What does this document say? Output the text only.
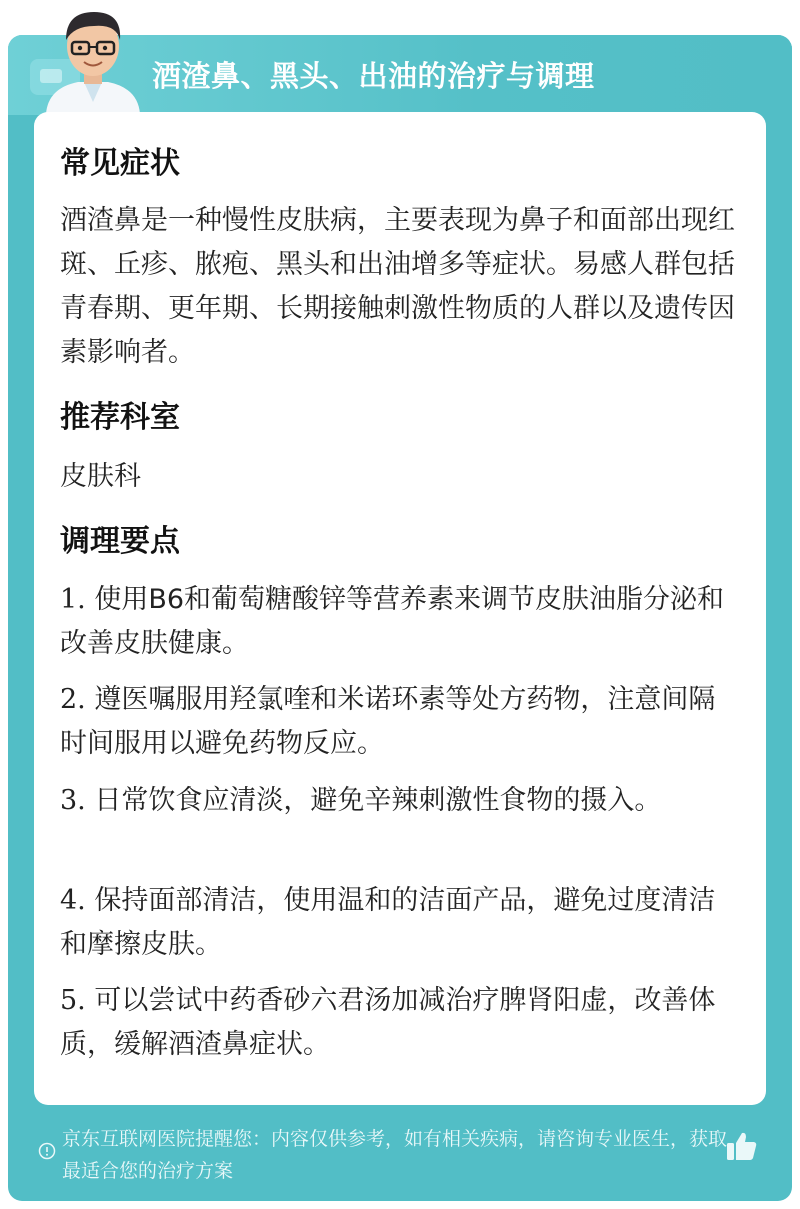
酒渣鼻、黑头、出油的治疗与调理
常见症状
酒渣鼻是一种慢性皮肤病，主要表现为鼻子和面部出现红斑、丘疹、脓疱、黑头和出油增多等症状。易感人群包括青春期、更年期、长期接触刺激性物质的人群以及遗传因素影响者。
推荐科室
皮肤科
调理要点
1. 使用B6和葡萄糖酸锌等营养素来调节皮肤油脂分泌和改善皮肤健康。
2. 遵医嘱服用羟氯喹和米诺环素等处方药物，注意间隔时间服用以避免药物反应。
3. 日常饮食应清淡，避免辛辣刺激性食物的摄入。
4. 保持面部清洁，使用温和的洁面产品，避免过度清洁和摩擦皮肤。
5. 可以尝试中药香砂六君汤加减治疗脾肾阳虚，改善体质，缓解酒渣鼻症状。
京东互联网医院提醒您：内容仅供参考，如有相关疾病，请咨询专业医生，获取最适合您的治疗方案
